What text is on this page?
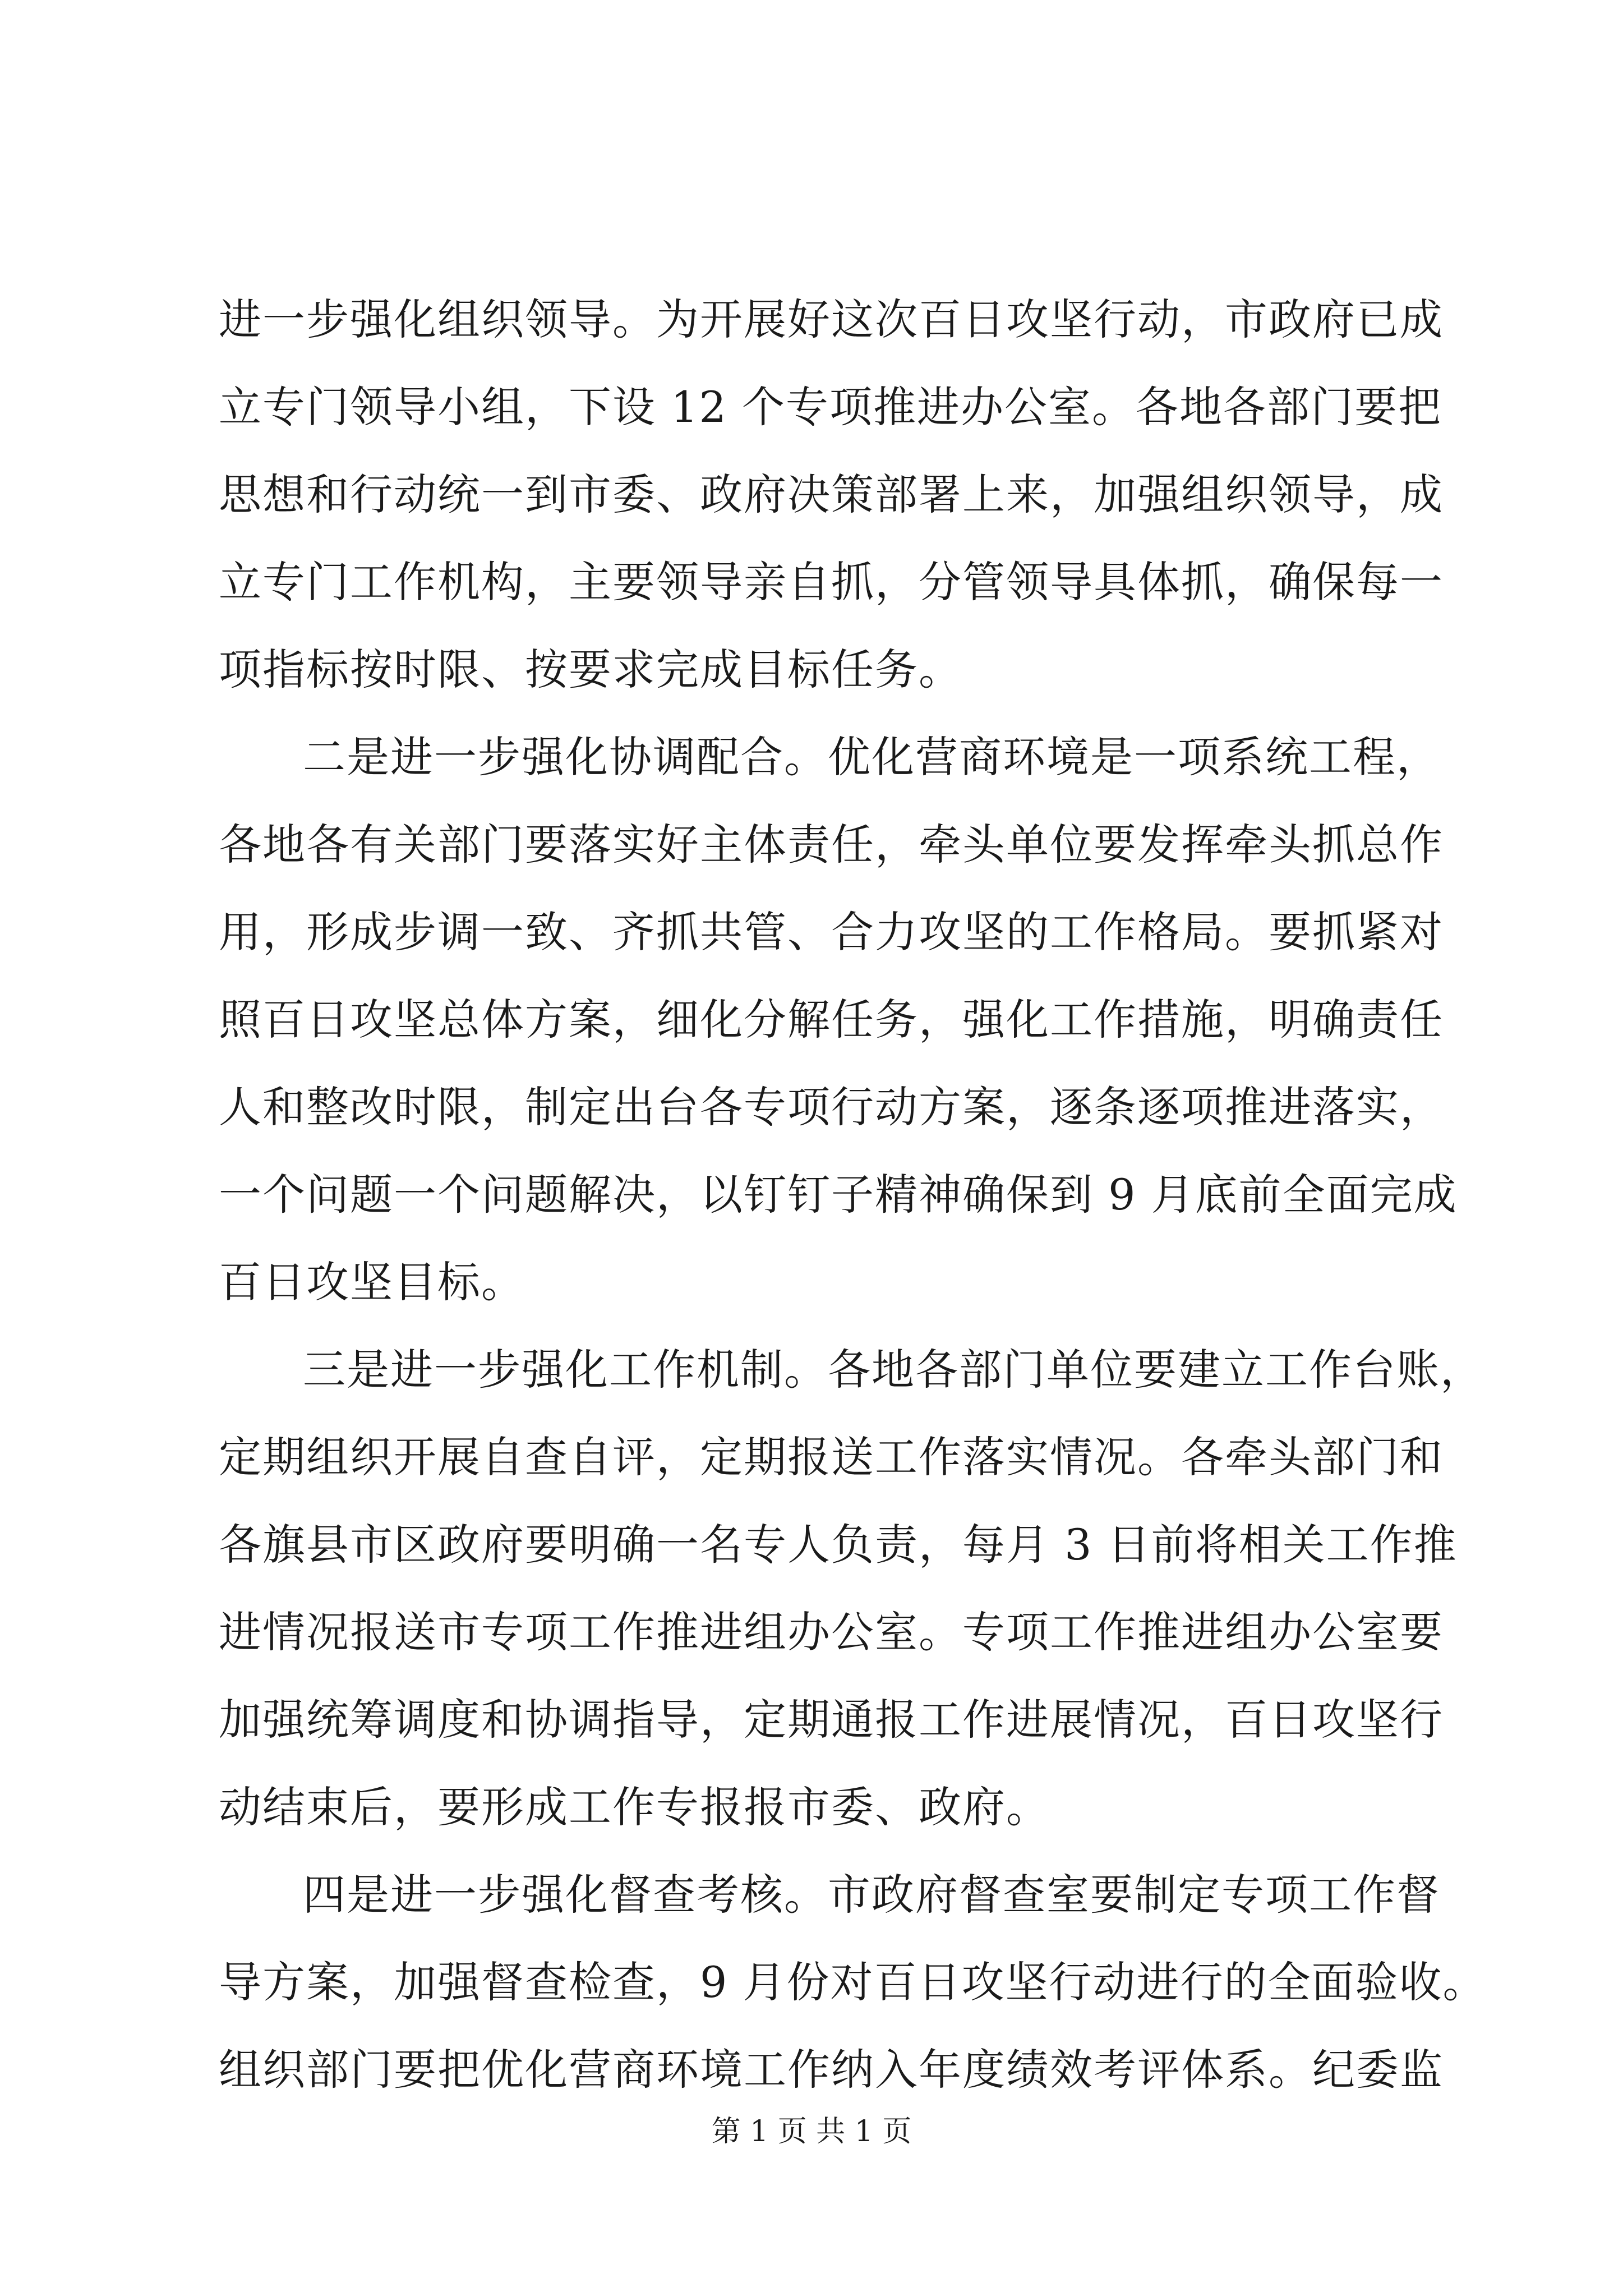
进一步强化组织领导。为开展好这次百日攻坚行动，市政府已成
立专门领导小组，下设 12 个专项推进办公室。各地各部门要把
思想和行动统一到市委、政府决策部署上来，加强组织领导，成
立专门工作机构，主要领导亲自抓，分管领导具体抓，确保每一
项指标按时限、按要求完成目标任务。
二是进一步强化协调配合。优化营商环境是一项系统工程，
各地各有关部门要落实好主体责任，牵头单位要发挥牵头抓总作
用，形成步调一致、齐抓共管、合力攻坚的工作格局。要抓紧对
照百日攻坚总体方案，细化分解任务，强化工作措施，明确责任
人和整改时限，制定出台各专项行动方案，逐条逐项推进落实，
一个问题一个问题解决，以钉钉子精神确保到 9 月底前全面完成
百日攻坚目标。
三是进一步强化工作机制。各地各部门单位要建立工作台账，
定期组织开展自查自评，定期报送工作落实情况。各牵头部门和
各旗县市区政府要明确一名专人负责，每月 3 日前将相关工作推
进情况报送市专项工作推进组办公室。专项工作推进组办公室要
加强统筹调度和协调指导，定期通报工作进展情况，百日攻坚行
动结束后，要形成工作专报报市委、政府。
四是进一步强化督查考核。市政府督查室要制定专项工作督
导方案，加强督查检查，9 月份对百日攻坚行动进行的全面验收。
组织部门要把优化营商环境工作纳入年度绩效考评体系。纪委监
第 1 页 共 1 页
